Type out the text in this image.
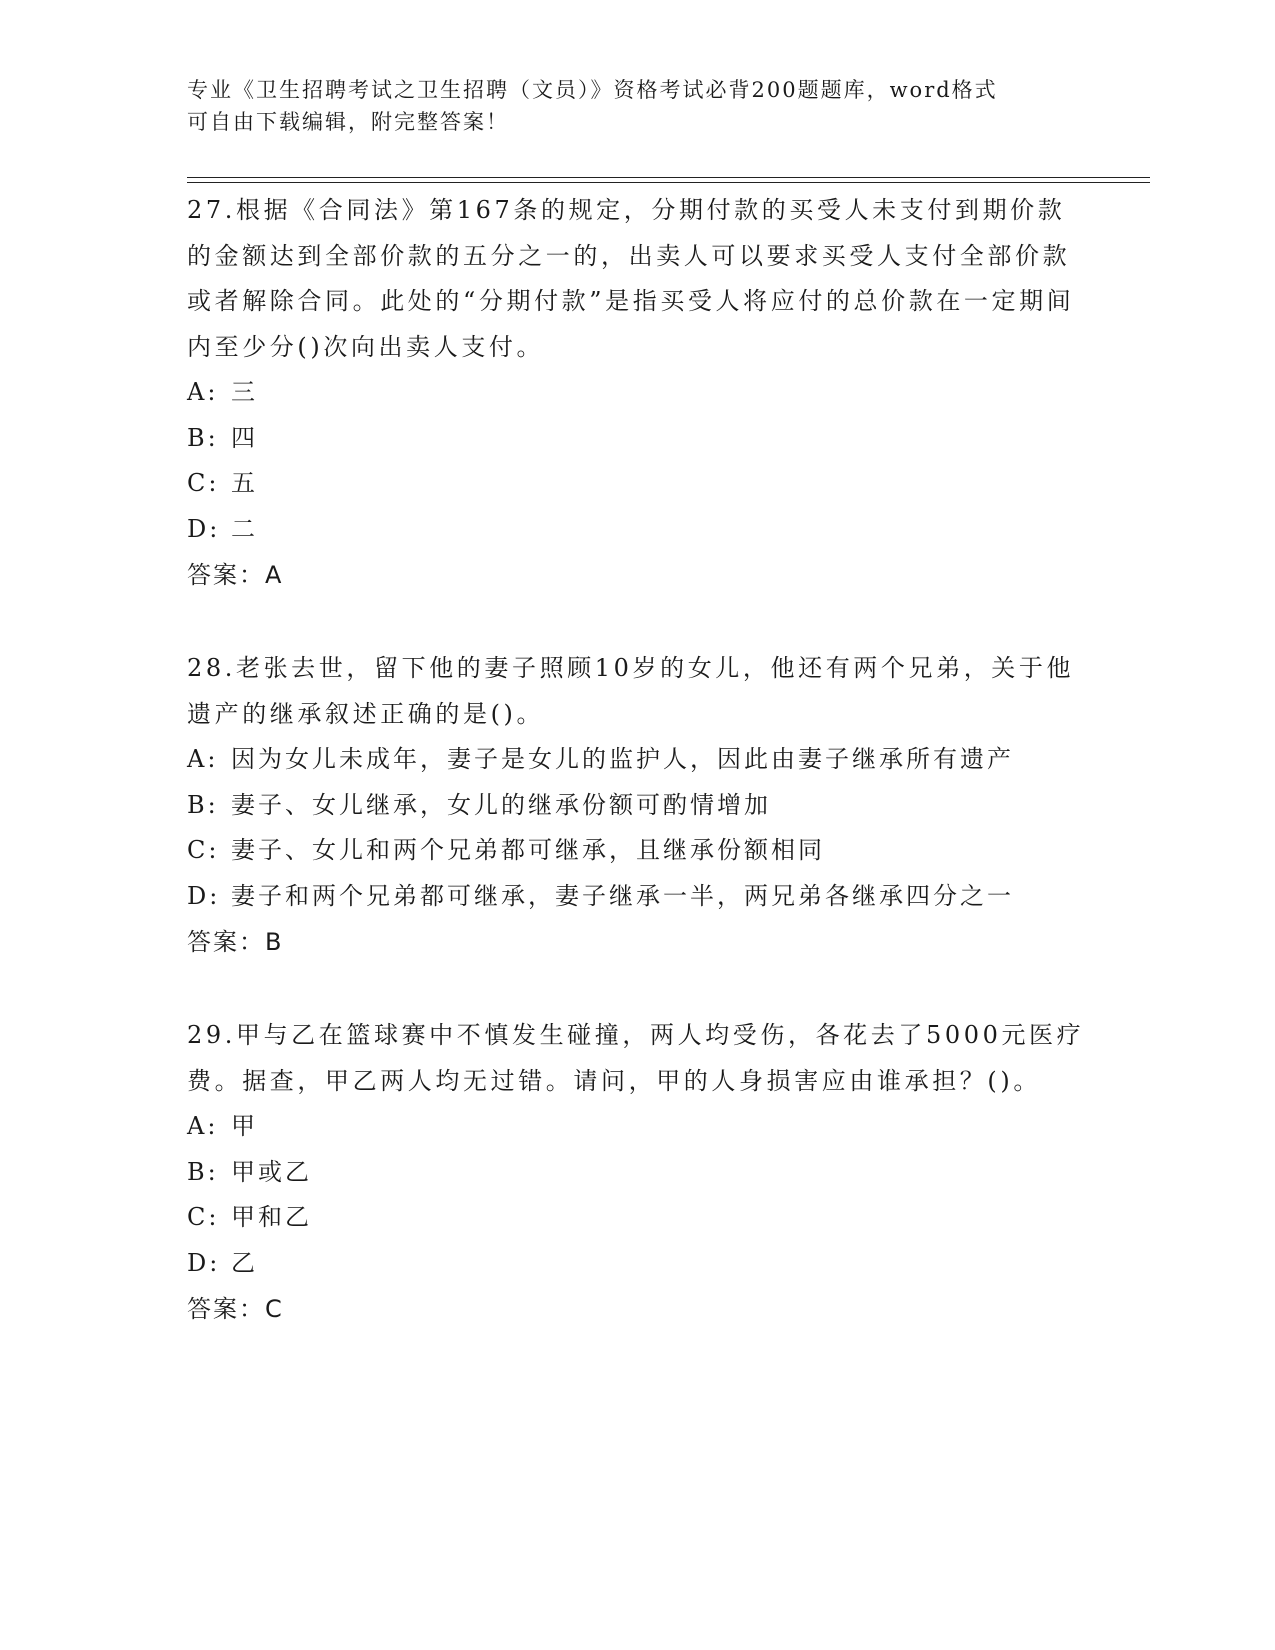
专业《卫生招聘考试之卫生招聘（文员）》资格考试必背200题题库，word格式
可自由下载编辑，附完整答案！

27.根据《合同法》第167条的规定，分期付款的买受人未支付到期价款的金额达到全部价款的五分之一的，出卖人可以要求买受人支付全部价款或者解除合同。此处的“分期付款”是指买受人将应付的总价款在一定期间内至少分()次向出卖人支付。

A: 三

B: 四

C: 五

D: 二

答案：A

28.老张去世，留下他的妻子照顾10岁的女儿，他还有两个兄弟，关于他遗产的继承叙述正确的是()。

A: 因为女儿未成年，妻子是女儿的监护人，因此由妻子继承所有遗产

B: 妻子、女儿继承，女儿的继承份额可酌情增加

C: 妻子、女儿和两个兄弟都可继承，且继承份额相同

D: 妻子和两个兄弟都可继承，妻子继承一半，两兄弟各继承四分之一

答案：B

29.甲与乙在篮球赛中不慎发生碰撞，两人均受伤，各花去了5000元医疗费。据查，甲乙两人均无过错。请问，甲的人身损害应由谁承担？()。

A: 甲

B: 甲或乙

C: 甲和乙

D: 乙

答案：C
